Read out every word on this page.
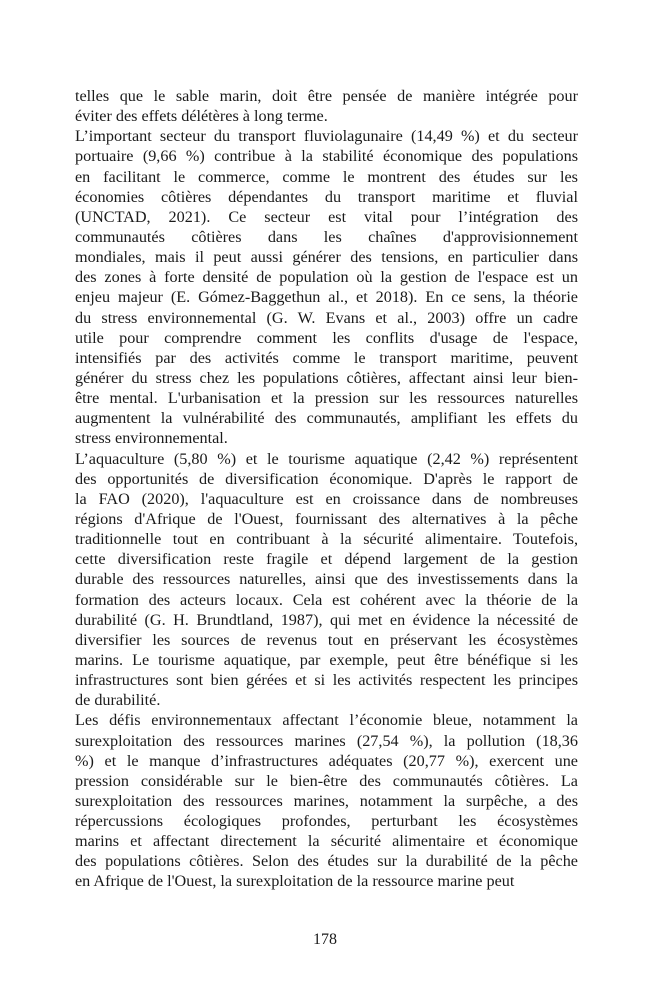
telles que le sable marin, doit être pensée de manière intégrée pour
éviter des effets délétères à long terme.
L’important secteur du transport fluviolagunaire (14,49 %) et du secteur
portuaire (9,66 %) contribue à la stabilité économique des populations
en facilitant le commerce, comme le montrent des études sur les
économies côtières dépendantes du transport maritime et fluvial
(UNCTAD, 2021). Ce secteur est vital pour l’intégration des
communautés côtières dans les chaînes d'approvisionnement
mondiales, mais il peut aussi générer des tensions, en particulier dans
des zones à forte densité de population où la gestion de l'espace est un
enjeu majeur (E. Gómez-Baggethun al., et 2018). En ce sens, la théorie
du stress environnemental (G. W. Evans et al., 2003) offre un cadre
utile pour comprendre comment les conflits d'usage de l'espace,
intensifiés par des activités comme le transport maritime, peuvent
générer du stress chez les populations côtières, affectant ainsi leur bien-
être mental. L'urbanisation et la pression sur les ressources naturelles
augmentent la vulnérabilité des communautés, amplifiant les effets du
stress environnemental.
L’aquaculture (5,80 %) et le tourisme aquatique (2,42 %) représentent
des opportunités de diversification économique. D'après le rapport de
la FAO (2020), l'aquaculture est en croissance dans de nombreuses
régions d'Afrique de l'Ouest, fournissant des alternatives à la pêche
traditionnelle tout en contribuant à la sécurité alimentaire. Toutefois,
cette diversification reste fragile et dépend largement de la gestion
durable des ressources naturelles, ainsi que des investissements dans la
formation des acteurs locaux. Cela est cohérent avec la théorie de la
durabilité (G. H. Brundtland, 1987), qui met en évidence la nécessité de
diversifier les sources de revenus tout en préservant les écosystèmes
marins. Le tourisme aquatique, par exemple, peut être bénéfique si les
infrastructures sont bien gérées et si les activités respectent les principes
de durabilité.
Les défis environnementaux affectant l’économie bleue, notamment la
surexploitation des ressources marines (27,54 %), la pollution (18,36
%) et le manque d’infrastructures adéquates (20,77 %), exercent une
pression considérable sur le bien-être des communautés côtières. La
surexploitation des ressources marines, notamment la surpêche, a des
répercussions écologiques profondes, perturbant les écosystèmes
marins et affectant directement la sécurité alimentaire et économique
des populations côtières. Selon des études sur la durabilité de la pêche
en Afrique de l'Ouest, la surexploitation de la ressource marine peut
178
